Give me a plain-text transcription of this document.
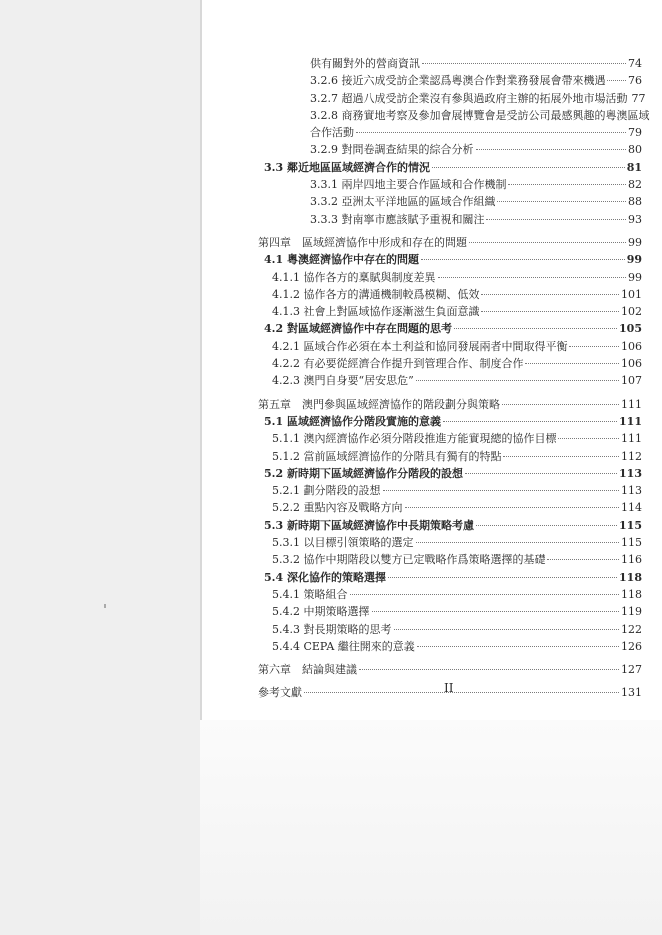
供有關對外的營商資訊	74
3.2.6 接近六成受訪企業認爲粵澳合作對業務發展會帶來機遇 76
3.2.7 超過八成受訪企業沒有參與過政府主辦的拓展外地市場活動 77
3.2.8 商務實地考察及參加會展博覽會是受訪公司最感興趣的粵澳區域
合作活動	79
3.2.9 對問卷調查結果的綜合分析	80
3.3 鄰近地區區域經濟合作的情況	81
3.3.1 兩岸四地主要合作區域和合作機制	82
3.3.2 亞洲太平洋地區的區域合作組織	88
3.3.3 對南寧市應該賦予重視和關注	93
第四章　區域經濟協作中形成和存在的問題	99
4.1 粵澳經濟協作中存在的問題	99
4.1.1 協作各方的稟賦與制度差異	99
4.1.2 協作各方的溝通機制較爲模糊、低效	101
4.1.3 社會上對區域協作逐漸滋生負面意識	102
4.2 對區域經濟協作中存在問題的思考	105
4.2.1 區域合作必須在本土利益和協同發展兩者中間取得平衡	106
4.2.2 有必要從經濟合作提升到管理合作、制度合作	106
4.2.3 澳門自身要“居安思危”	107
第五章　澳門參與區域經濟協作的階段劃分與策略	111
5.1 區域經濟協作分階段實施的意義	111
5.1.1 澳內經濟協作必須分階段推進方能實現總的協作目標	111
5.1.2 當前區域經濟協作的分階具有獨有的特點	112
5.2 新時期下區域經濟協作分階段的設想	113
5.2.1 劃分階段的設想	113
5.2.2 重點內容及戰略方向	114
5.3 新時期下區域經濟協作中長期策略考慮	115
5.3.1 以目標引領策略的選定	115
5.3.2 協作中期階段以雙方已定戰略作爲策略選擇的基礎	116
5.4 深化協作的策略選擇	118
5.4.1 策略組合	118
5.4.2 中期策略選擇	119
5.4.3 對長期策略的思考	122
5.4.4 CEPA 繼往開來的意義	126
第六章　結論與建議	127
參考文獻	131
II
